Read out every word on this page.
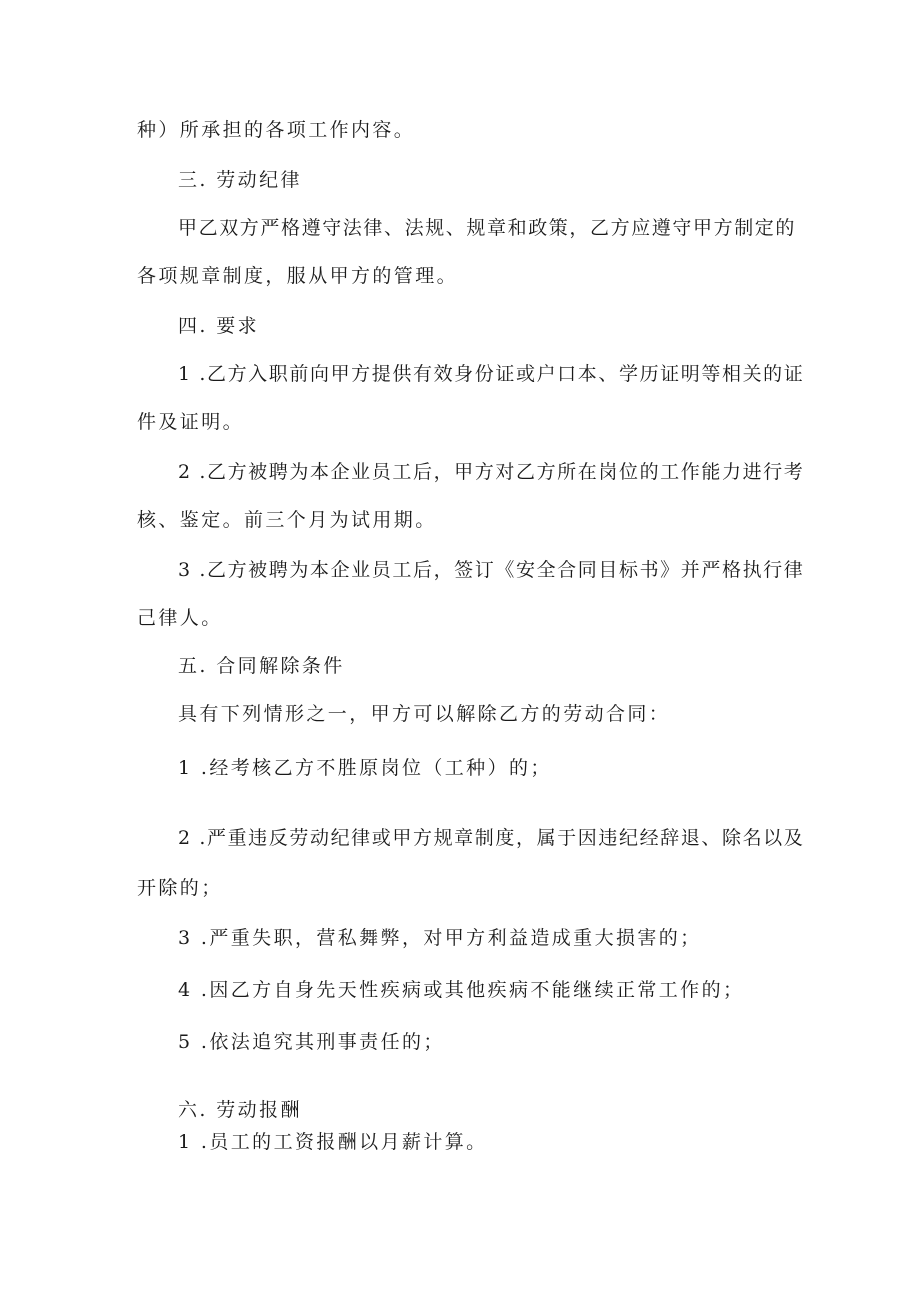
种）所承担的各项工作内容。
三. 劳动纪律
甲乙双方严格遵守法律、法规、规章和政策，乙方应遵守甲方制定的
各项规章制度，服从甲方的管理。
四. 要求
1 .乙方入职前向甲方提供有效身份证或户口本、学历证明等相关的证
件及证明。
2 .乙方被聘为本企业员工后，甲方对乙方所在岗位的工作能力进行考
核、鉴定。前三个月为试用期。
3 .乙方被聘为本企业员工后，签订《安全合同目标书》并严格执行律
己律人。
五. 合同解除条件
具有下列情形之一，甲方可以解除乙方的劳动合同：
1 .经考核乙方不胜原岗位（工种）的；
2 .严重违反劳动纪律或甲方规章制度，属于因违纪经辞退、除名以及
开除的；
3 .严重失职，营私舞弊，对甲方利益造成重大损害的；
4 .因乙方自身先天性疾病或其他疾病不能继续正常工作的；
5 .依法追究其刑事责任的；
六. 劳动报酬
1 .员工的工资报酬以月薪计算。
